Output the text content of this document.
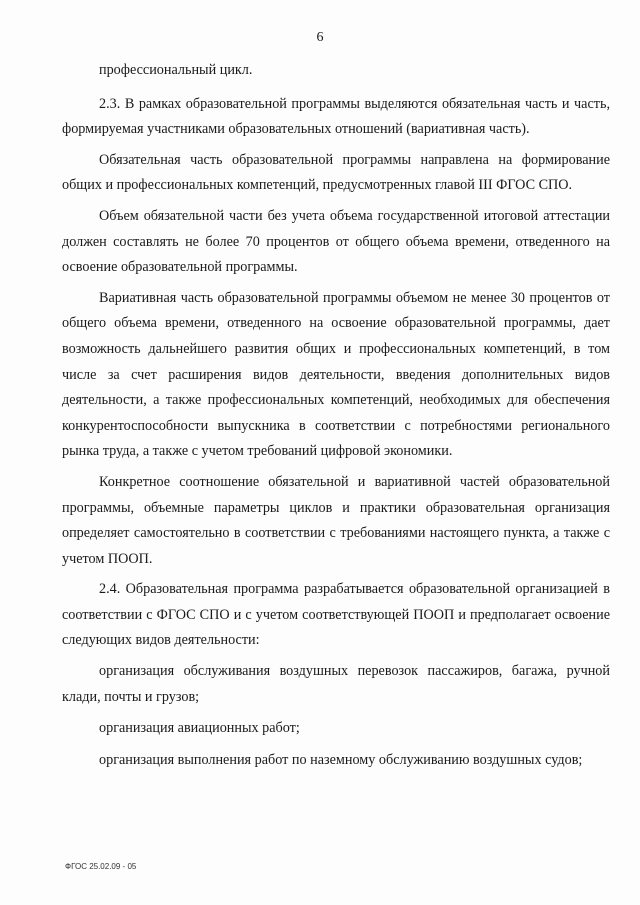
6

профессиональный цикл.

2.3. В рамках образовательной программы выделяются обязательная часть и часть, формируемая участниками образовательных отношений (вариативная часть).

Обязательная часть образовательной программы направлена на формирование общих и профессиональных компетенций, предусмотренных главой III ФГОС СПО.

Объем обязательной части без учета объема государственной итоговой аттестации должен составлять не более 70 процентов от общего объема времени, отведенного на освоение образовательной программы.

Вариативная часть образовательной программы объемом не менее 30 процентов от общего объема времени, отведенного на освоение образовательной программы, дает возможность дальнейшего развития общих и профессиональных компетенций, в том числе за счет расширения видов деятельности, введения дополнительных видов деятельности, а также профессиональных компетенций, необходимых для обеспечения конкурентоспособности выпускника в соответствии с потребностями регионального рынка труда, а также с учетом требований цифровой экономики.

Конкретное соотношение обязательной и вариативной частей образовательной программы, объемные параметры циклов и практики образовательная организация определяет самостоятельно в соответствии с требованиями настоящего пункта, а также с учетом ПООП.

2.4. Образовательная программа разрабатывается образовательной организацией в соответствии с ФГОС СПО и с учетом соответствующей ПООП и предполагает освоение следующих видов деятельности:

организация обслуживания воздушных перевозок пассажиров, багажа, ручной клади, почты и грузов;

организация авиационных работ;

организация выполнения работ по наземному обслуживанию воздушных судов;

ФГОС 25.02.09 - 05
